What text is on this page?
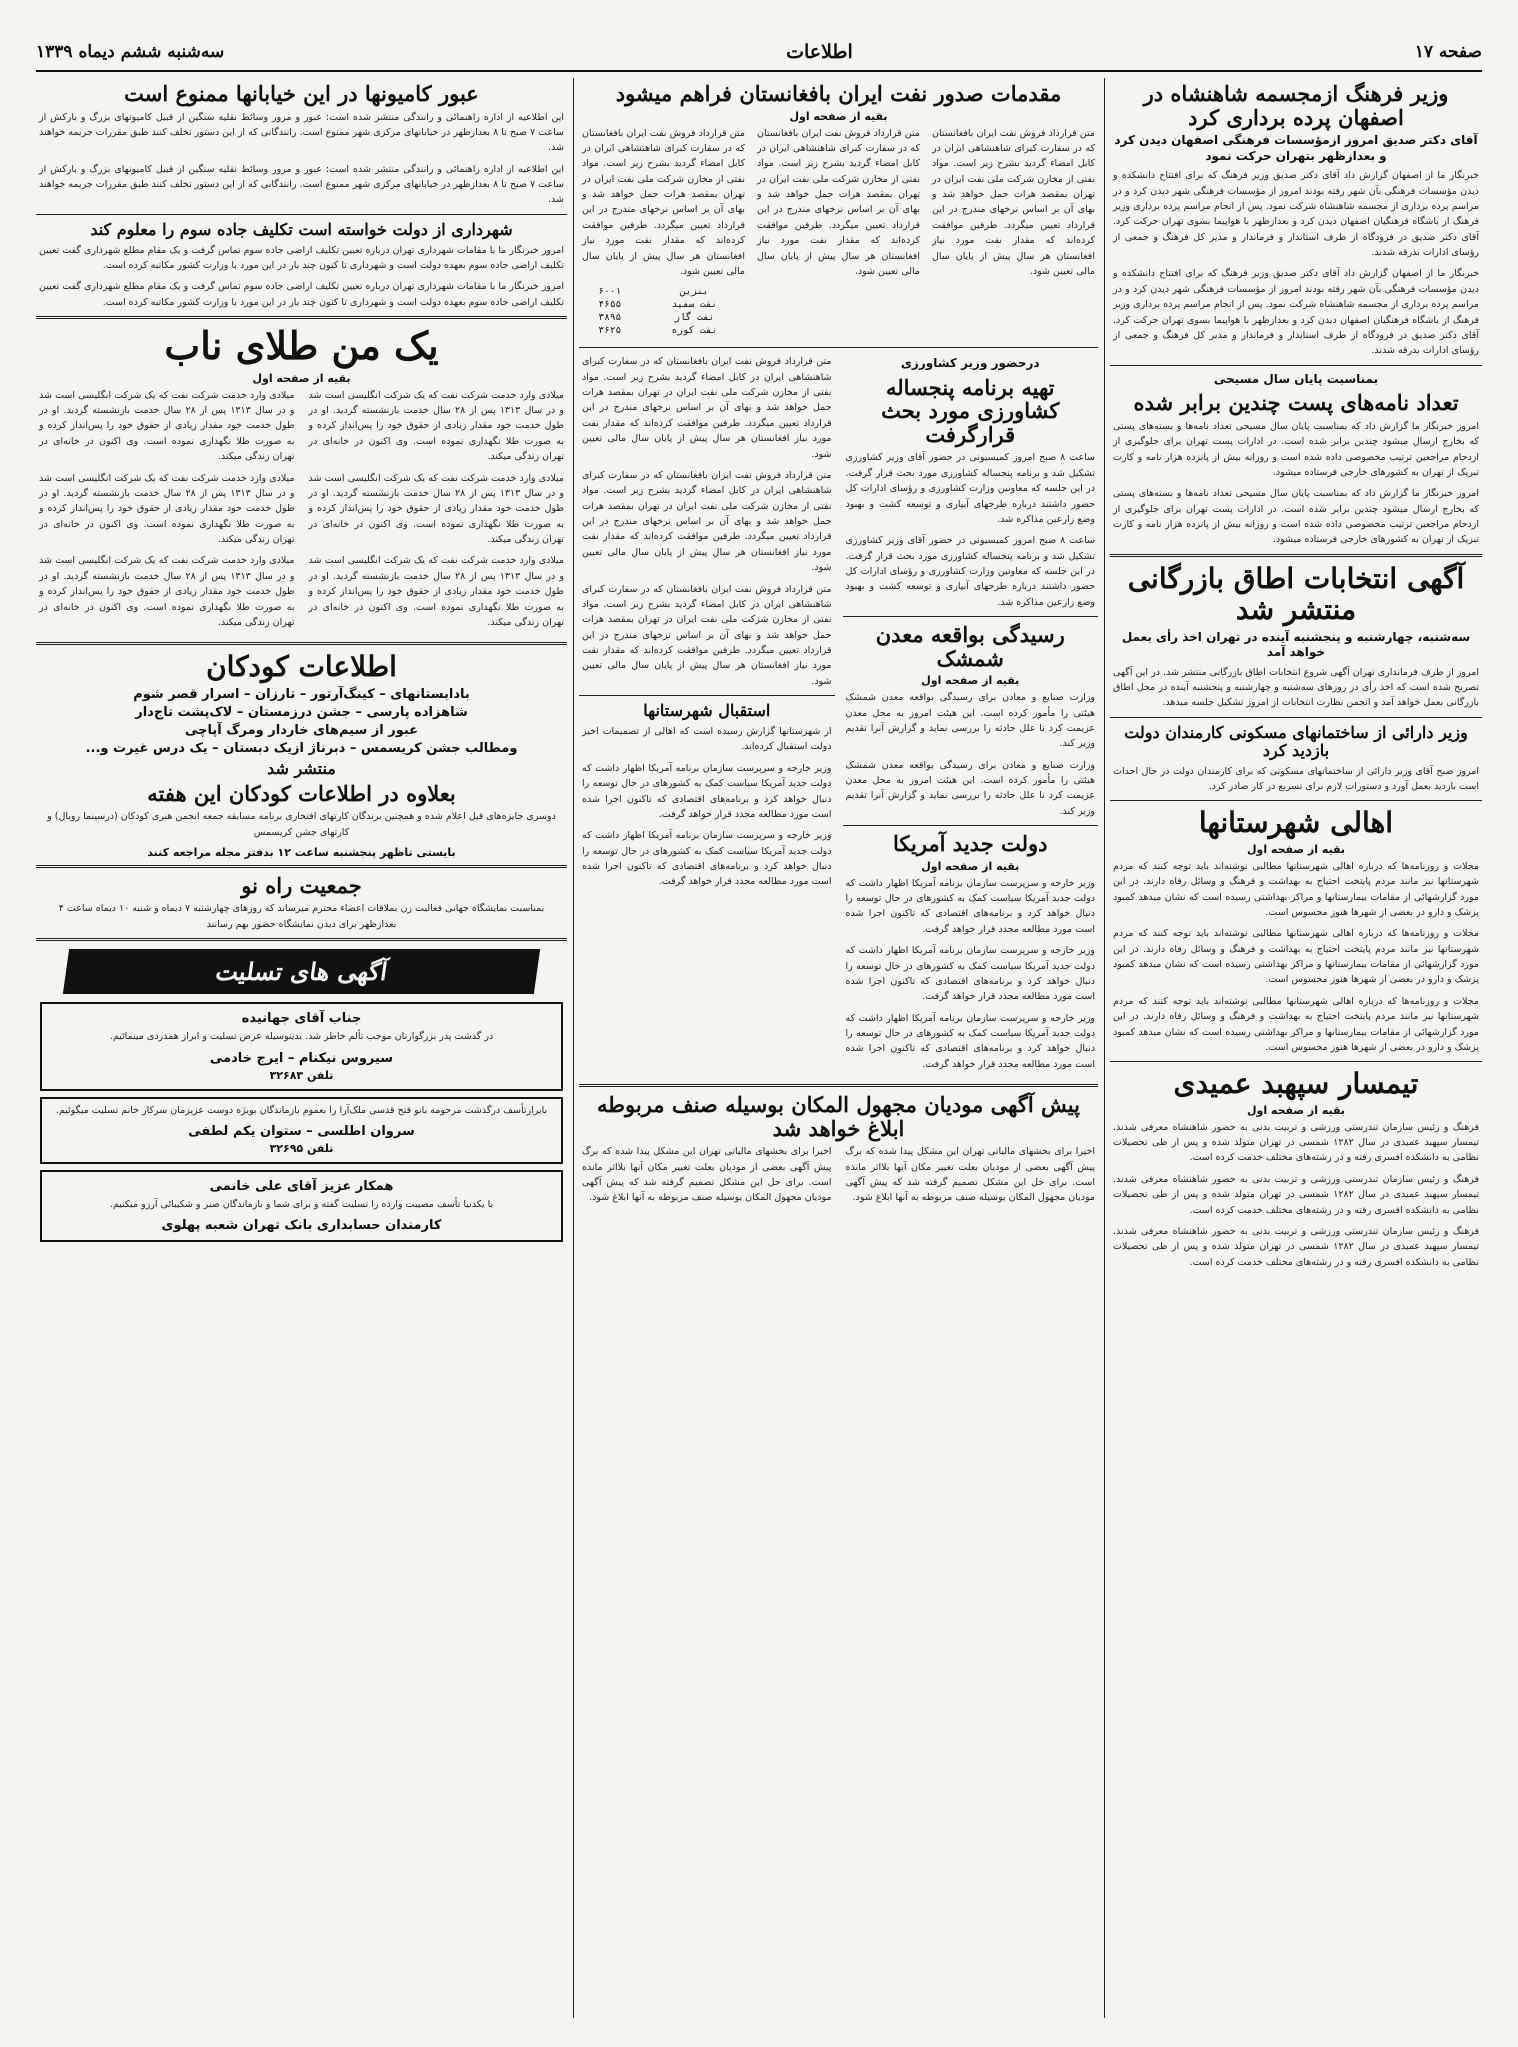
صفحه ۱۷
اطلاعات
سه‌شنبه ششم دیماه ۱۳۳۹
وزیر فرهنگ ازمجسمه شاهنشاه در اصفهان پرده برداری کرد
آقای دکتر صدیق امروز ازمؤسسات فرهنگی اصفهان دیدن کرد و بعدازظهر بتهران حرکت نمود
خبرنگار ما از اصفهان گزارش داد آقای دکتر صدیق وزیر فرهنگ که برای افتتاح دانشکده و دیدن مؤسسات فرهنگی بآن شهر رفته بودند امروز از مؤسسات فرهنگی شهر دیدن کرد و در مراسم پرده برداری از مجسمه شاهنشاه شرکت نمود. پس از انجام مراسم پرده برداری وزیر فرهنگ از باشگاه فرهنگیان اصفهان دیدن کرد و بعدازظهر با هواپیما بسوی تهران حرکت کرد. آقای دکتر صدیق در فرودگاه از طرف استاندار و فرماندار و مدیر کل فرهنگ و جمعی از رؤسای ادارات بدرقه شدند.
خبرنگار ما از اصفهان گزارش داد آقای دکتر صدیق وزیر فرهنگ که برای افتتاح دانشکده و دیدن مؤسسات فرهنگی بآن شهر رفته بودند امروز از مؤسسات فرهنگی شهر دیدن کرد و در مراسم پرده برداری از مجسمه شاهنشاه شرکت نمود. پس از انجام مراسم پرده برداری وزیر فرهنگ از باشگاه فرهنگیان اصفهان دیدن کرد و بعدازظهر با هواپیما بسوی تهران حرکت کرد. آقای دکتر صدیق در فرودگاه از طرف استاندار و فرماندار و مدیر کل فرهنگ و جمعی از رؤسای ادارات بدرقه شدند.
بمناسبت پایان سال مسیحی
تعداد نامه‌های پست چندین برابر شده
امروز خبرنگار ما گزارش داد که بمناسبت پایان سال مسیحی تعداد نامه‌ها و بسته‌های پستی که بخارج ارسال میشود چندین برابر شده است. در ادارات پست تهران برای جلوگیری از ازدحام مراجعین ترتیب مخصوصی داده شده است و روزانه بیش از پانزده هزار نامه و کارت تبریک از تهران به کشورهای خارجی فرستاده میشود.
امروز خبرنگار ما گزارش داد که بمناسبت پایان سال مسیحی تعداد نامه‌ها و بسته‌های پستی که بخارج ارسال میشود چندین برابر شده است. در ادارات پست تهران برای جلوگیری از ازدحام مراجعین ترتیب مخصوصی داده شده است و روزانه بیش از پانزده هزار نامه و کارت تبریک از تهران به کشورهای خارجی فرستاده میشود.
آگهی انتخابات اطاق بازرگانی منتشر شد
سه‌شنبه، چهارشنبه و پنجشنبه آینده در تهران اخذ رأی بعمل خواهد آمد
امروز از طرف فرمانداری تهران آگهی شروع انتخابات اطاق بازرگانی منتشر شد. در این آگهی تصریح شده است که اخذ رأی در روزهای سه‌شنبه و چهارشنبه و پنجشنبه آینده در محل اطاق بازرگانی بعمل خواهد آمد و انجمن نظارت انتخابات از امروز تشکیل جلسه میدهد.
وزیر دارائی از ساختمانهای مسکونی کارمندان دولت بازدید کرد
امروز صبح آقای وزیر دارائی از ساختمانهای مسکونی که برای کارمندان دولت در حال احداث است بازدید بعمل آورد و دستورات لازم برای تسریع در کار صادر کرد.
اهالی شهرستانها
بقیه از صفحه اول
مجلات و روزنامه‌ها که درباره اهالی شهرستانها مطالبی نوشته‌اند باید توجه کنند که مردم شهرستانها نیز مانند مردم پایتخت احتیاج به بهداشت و فرهنگ و وسائل رفاه دارند. در این مورد گزارشهائی از مقامات بیمارستانها و مراکز بهداشتی رسیده است که نشان میدهد کمبود پزشک و دارو در بعضی از شهرها هنوز محسوس است.
مجلات و روزنامه‌ها که درباره اهالی شهرستانها مطالبی نوشته‌اند باید توجه کنند که مردم شهرستانها نیز مانند مردم پایتخت احتیاج به بهداشت و فرهنگ و وسائل رفاه دارند. در این مورد گزارشهائی از مقامات بیمارستانها و مراکز بهداشتی رسیده است که نشان میدهد کمبود پزشک و دارو در بعضی از شهرها هنوز محسوس است.
مجلات و روزنامه‌ها که درباره اهالی شهرستانها مطالبی نوشته‌اند باید توجه کنند که مردم شهرستانها نیز مانند مردم پایتخت احتیاج به بهداشت و فرهنگ و وسائل رفاه دارند. در این مورد گزارشهائی از مقامات بیمارستانها و مراکز بهداشتی رسیده است که نشان میدهد کمبود پزشک و دارو در بعضی از شهرها هنوز محسوس است.
تیمسار سپهبد عمیدی
بقیه از صفحه اول
فرهنگ و رئیس سازمان تندرستی ورزشی و تربیت بدنی به حضور شاهنشاه معرفی شدند. تیمسار سپهبد عمیدی در سال ۱۲۸۲ شمسی در تهران متولد شده و پس از طی تحصیلات نظامی به دانشکده افسری رفته و در رشته‌های مختلف خدمت کرده است.
فرهنگ و رئیس سازمان تندرستی ورزشی و تربیت بدنی به حضور شاهنشاه معرفی شدند. تیمسار سپهبد عمیدی در سال ۱۲۸۲ شمسی در تهران متولد شده و پس از طی تحصیلات نظامی به دانشکده افسری رفته و در رشته‌های مختلف خدمت کرده است.
فرهنگ و رئیس سازمان تندرستی ورزشی و تربیت بدنی به حضور شاهنشاه معرفی شدند. تیمسار سپهبد عمیدی در سال ۱۲۸۲ شمسی در تهران متولد شده و پس از طی تحصیلات نظامی به دانشکده افسری رفته و در رشته‌های مختلف خدمت کرده است.
مقدمات صدور نفت ایران بافغانستان فراهم میشود
بقیه از صفحه اول
متن قرارداد فروش نفت ایران بافغانستان که در سفارت کبرای شاهنشاهی ایران در کابل امضاء گردید بشرح زیر است. مواد نفتی از مخازن شرکت ملی نفت ایران در تهران بمقصد هرات حمل خواهد شد و بهای آن بر اساس نرخهای مندرج در این قرارداد تعیین میگردد. طرفین موافقت کرده‌اند که مقدار نفت مورد نیاز افغانستان هر سال پیش از پایان سال مالی تعیین شود.
متن قرارداد فروش نفت ایران بافغانستان که در سفارت کبرای شاهنشاهی ایران در کابل امضاء گردید بشرح زیر است. مواد نفتی از مخازن شرکت ملی نفت ایران در تهران بمقصد هرات حمل خواهد شد و بهای آن بر اساس نرخهای مندرج در این قرارداد تعیین میگردد. طرفین موافقت کرده‌اند که مقدار نفت مورد نیاز افغانستان هر سال پیش از پایان سال مالی تعیین شود.
متن قرارداد فروش نفت ایران بافغانستان که در سفارت کبرای شاهنشاهی ایران در کابل امضاء گردید بشرح زیر است. مواد نفتی از مخازن شرکت ملی نفت ایران در تهران بمقصد هرات حمل خواهد شد و بهای آن بر اساس نرخهای مندرج در این قرارداد تعیین میگردد. طرفین موافقت کرده‌اند که مقدار نفت مورد نیاز افغانستان هر سال پیش از پایان سال مالی تعیین شود.
۶۰۰۱	بنزین
۴۶۵۵	نفت سفید
۳۸۹۵	نفت گاز
۳۶۲۵	نفت کوره
درحضور وزیر کشاورزی
تهیه برنامه پنجساله کشاورزی مورد بحث قرارگرفت
ساعت ۸ صبح امروز کمیسیونی در حضور آقای وزیر کشاورزی تشکیل شد و برنامه پنجساله کشاورزی مورد بحث قرار گرفت. در این جلسه که معاونین وزارت کشاورزی و رؤسای ادارات کل حضور داشتند درباره طرحهای آبیاری و توسعه کشت و بهبود وضع زارعین مذاکره شد.
ساعت ۸ صبح امروز کمیسیونی در حضور آقای وزیر کشاورزی تشکیل شد و برنامه پنجساله کشاورزی مورد بحث قرار گرفت. در این جلسه که معاونین وزارت کشاورزی و رؤسای ادارات کل حضور داشتند درباره طرحهای آبیاری و توسعه کشت و بهبود وضع زارعین مذاکره شد.
رسیدگی بواقعه معدن شمشک
بقیه از صفحه اول
وزارت صنایع و معادن برای رسیدگی بواقعه معدن شمشک هیئتی را مأمور کرده است. این هیئت امروز به محل معدن عزیمت کرد تا علل حادثه را بررسی نماید و گزارش آنرا تقدیم وزیر کند.
وزارت صنایع و معادن برای رسیدگی بواقعه معدن شمشک هیئتی را مأمور کرده است. این هیئت امروز به محل معدن عزیمت کرد تا علل حادثه را بررسی نماید و گزارش آنرا تقدیم وزیر کند.
دولت جدید آمریکا
بقیه از صفحه اول
وزیر خارجه و سرپرست سازمان برنامه آمریکا اظهار داشت که دولت جدید آمریکا سیاست کمک به کشورهای در حال توسعه را دنبال خواهد کرد و برنامه‌های اقتصادی که تاکنون اجرا شده است مورد مطالعه مجدد قرار خواهد گرفت.
وزیر خارجه و سرپرست سازمان برنامه آمریکا اظهار داشت که دولت جدید آمریکا سیاست کمک به کشورهای در حال توسعه را دنبال خواهد کرد و برنامه‌های اقتصادی که تاکنون اجرا شده است مورد مطالعه مجدد قرار خواهد گرفت.
وزیر خارجه و سرپرست سازمان برنامه آمریکا اظهار داشت که دولت جدید آمریکا سیاست کمک به کشورهای در حال توسعه را دنبال خواهد کرد و برنامه‌های اقتصادی که تاکنون اجرا شده است مورد مطالعه مجدد قرار خواهد گرفت.
متن قرارداد فروش نفت ایران بافغانستان که در سفارت کبرای شاهنشاهی ایران در کابل امضاء گردید بشرح زیر است. مواد نفتی از مخازن شرکت ملی نفت ایران در تهران بمقصد هرات حمل خواهد شد و بهای آن بر اساس نرخهای مندرج در این قرارداد تعیین میگردد. طرفین موافقت کرده‌اند که مقدار نفت مورد نیاز افغانستان هر سال پیش از پایان سال مالی تعیین شود.
متن قرارداد فروش نفت ایران بافغانستان که در سفارت کبرای شاهنشاهی ایران در کابل امضاء گردید بشرح زیر است. مواد نفتی از مخازن شرکت ملی نفت ایران در تهران بمقصد هرات حمل خواهد شد و بهای آن بر اساس نرخهای مندرج در این قرارداد تعیین میگردد. طرفین موافقت کرده‌اند که مقدار نفت مورد نیاز افغانستان هر سال پیش از پایان سال مالی تعیین شود.
متن قرارداد فروش نفت ایران بافغانستان که در سفارت کبرای شاهنشاهی ایران در کابل امضاء گردید بشرح زیر است. مواد نفتی از مخازن شرکت ملی نفت ایران در تهران بمقصد هرات حمل خواهد شد و بهای آن بر اساس نرخهای مندرج در این قرارداد تعیین میگردد. طرفین موافقت کرده‌اند که مقدار نفت مورد نیاز افغانستان هر سال پیش از پایان سال مالی تعیین شود.
استقبال شهرستانها
از شهرستانها گزارش رسیده است که اهالی از تصمیمات اخیر دولت استقبال کرده‌اند.
وزیر خارجه و سرپرست سازمان برنامه آمریکا اظهار داشت که دولت جدید آمریکا سیاست کمک به کشورهای در حال توسعه را دنبال خواهد کرد و برنامه‌های اقتصادی که تاکنون اجرا شده است مورد مطالعه مجدد قرار خواهد گرفت.
وزیر خارجه و سرپرست سازمان برنامه آمریکا اظهار داشت که دولت جدید آمریکا سیاست کمک به کشورهای در حال توسعه را دنبال خواهد کرد و برنامه‌های اقتصادی که تاکنون اجرا شده است مورد مطالعه مجدد قرار خواهد گرفت.
پیش آگهی مودیان مجهول المکان بوسیله صنف مربوطه ابلاغ خواهد شد
اخیرا برای بخشهای مالیاتی تهران این مشکل پیدا شده که برگ پیش آگهی بعضی از مودیان بعلت تغییر مکان آنها بلااثر مانده است. برای حل این مشکل تصمیم گرفته شد که پیش آگهی مودیان مجهول المکان بوسیله صنف مربوطه به آنها ابلاغ شود.
اخیرا برای بخشهای مالیاتی تهران این مشکل پیدا شده که برگ پیش آگهی بعضی از مودیان بعلت تغییر مکان آنها بلااثر مانده است. برای حل این مشکل تصمیم گرفته شد که پیش آگهی مودیان مجهول المکان بوسیله صنف مربوطه به آنها ابلاغ شود.
عبور کامیونها در این خیابانها ممنوع است
این اطلاعیه از اداره راهنمائی و رانندگی منتشر شده است: عبور و مرور وسائط نقلیه سنگین از قبیل کامیونهای بزرگ و بارکش از ساعت ۷ صبح تا ۸ بعدازظهر در خیابانهای مرکزی شهر ممنوع است. رانندگانی که از این دستور تخلف کنند طبق مقررات جریمه خواهند شد.
این اطلاعیه از اداره راهنمائی و رانندگی منتشر شده است: عبور و مرور وسائط نقلیه سنگین از قبیل کامیونهای بزرگ و بارکش از ساعت ۷ صبح تا ۸ بعدازظهر در خیابانهای مرکزی شهر ممنوع است. رانندگانی که از این دستور تخلف کنند طبق مقررات جریمه خواهند شد.
شهرداری از دولت خواسته است تکلیف جاده سوم را معلوم کند
امروز خبرنگار ما با مقامات شهرداری تهران درباره تعیین تکلیف اراضی جاده سوم تماس گرفت و یک مقام مطلع شهرداری گفت تعیین تکلیف اراضی جاده سوم بعهده دولت است و شهرداری تا کنون چند بار در این مورد با وزارت کشور مکاتبه کرده است.
امروز خبرنگار ما با مقامات شهرداری تهران درباره تعیین تکلیف اراضی جاده سوم تماس گرفت و یک مقام مطلع شهرداری گفت تعیین تکلیف اراضی جاده سوم بعهده دولت است و شهرداری تا کنون چند بار در این مورد با وزارت کشور مکاتبه کرده است.
یک من طلای ناب
بقیه از صفحه اول
میلادی وارد خدمت شرکت نفت که یک شرکت انگلیسی است شد و در سال ۱۳۱۳ پس از ۲۸ سال خدمت بازنشسته گردید. او در طول خدمت خود مقدار زیادی از حقوق خود را پس‌انداز کرده و به صورت طلا نگهداری نموده است. وی اکنون در خانه‌ای در تهران زندگی میکند.
میلادی وارد خدمت شرکت نفت که یک شرکت انگلیسی است شد و در سال ۱۳۱۳ پس از ۲۸ سال خدمت بازنشسته گردید. او در طول خدمت خود مقدار زیادی از حقوق خود را پس‌انداز کرده و به صورت طلا نگهداری نموده است. وی اکنون در خانه‌ای در تهران زندگی میکند.
میلادی وارد خدمت شرکت نفت که یک شرکت انگلیسی است شد و در سال ۱۳۱۳ پس از ۲۸ سال خدمت بازنشسته گردید. او در طول خدمت خود مقدار زیادی از حقوق خود را پس‌انداز کرده و به صورت طلا نگهداری نموده است. وی اکنون در خانه‌ای در تهران زندگی میکند.
میلادی وارد خدمت شرکت نفت که یک شرکت انگلیسی است شد و در سال ۱۳۱۳ پس از ۲۸ سال خدمت بازنشسته گردید. او در طول خدمت خود مقدار زیادی از حقوق خود را پس‌انداز کرده و به صورت طلا نگهداری نموده است. وی اکنون در خانه‌ای در تهران زندگی میکند.
میلادی وارد خدمت شرکت نفت که یک شرکت انگلیسی است شد و در سال ۱۳۱۳ پس از ۲۸ سال خدمت بازنشسته گردید. او در طول خدمت خود مقدار زیادی از حقوق خود را پس‌انداز کرده و به صورت طلا نگهداری نموده است. وی اکنون در خانه‌ای در تهران زندگی میکند.
میلادی وارد خدمت شرکت نفت که یک شرکت انگلیسی است شد و در سال ۱۳۱۳ پس از ۲۸ سال خدمت بازنشسته گردید. او در طول خدمت خود مقدار زیادی از حقوق خود را پس‌انداز کرده و به صورت طلا نگهداری نموده است. وی اکنون در خانه‌ای در تهران زندگی میکند.
اطلاعات کودکان
بادابستانهای – کینگ‌آرتور – تارزان – اسرار قصر شوم
شاهزاده پارسی – جشن درزمستان – لاک‌پشت تاج‌دار
عبور از سیم‌های خاردار ومرگ آپاچی
ومطالب جشن کریسمس – دبرناژ ازیک دبستان – یک درس غیرت و...
منتشر شد
بعلاوه در اطلاعات کودکان این هفته
دوسری جایزه‌های قبل اعلام شده و همچنین برندگان کارتهای افتخاری برنامه مسابقه جمعه انجمن هنری کودکان (درسینما رویال) و کارتهای جشن کریسمس
بایستی تاظهر پنجشنبه ساعت ۱۲ بدفتر مجله مراجعه کنند
جمعیت راه نو
بمناسبت نمایشگاه جهانی فعالیت زن بملاقات اعضاء محترم میرساند که روزهای چهارشنبه ۷ دیماه و شنبه ۱۰ دیماه ساعت ۴ بعدازظهر برای دیدن نمایشگاه حضور بهم رسانند
آگهی های تسلیت
جناب آقای جهانیده
در گذشت پدر بزرگوارتان موجب تألم خاطر شد. بدینوسیله عرض تسلیت و ابراز همدردی مینمائیم.
سیروس نیکنام – ایرج خادمی
تلفن ۳۲۶۸۳
بابرازتأسف درگذشت مرحومه بانو فتح قدسی ملک‌آرا را بعموم بازماندگان بویژه دوست عزیزمان سرکار خانم تسلیت میگوئیم.
سروان اطلسی – ستوان یکم لطفی
تلفن ۳۲۶۹۵
همکار عزیز آقای علی خانمی
با یکدنیا تأسف مصیبت وارده را تسلیت گفته و برای شما و بازماندگان صبر و شکیبائی آرزو میکنیم.
کارمندان حسابداری بانک تهران شعبه پهلوی
